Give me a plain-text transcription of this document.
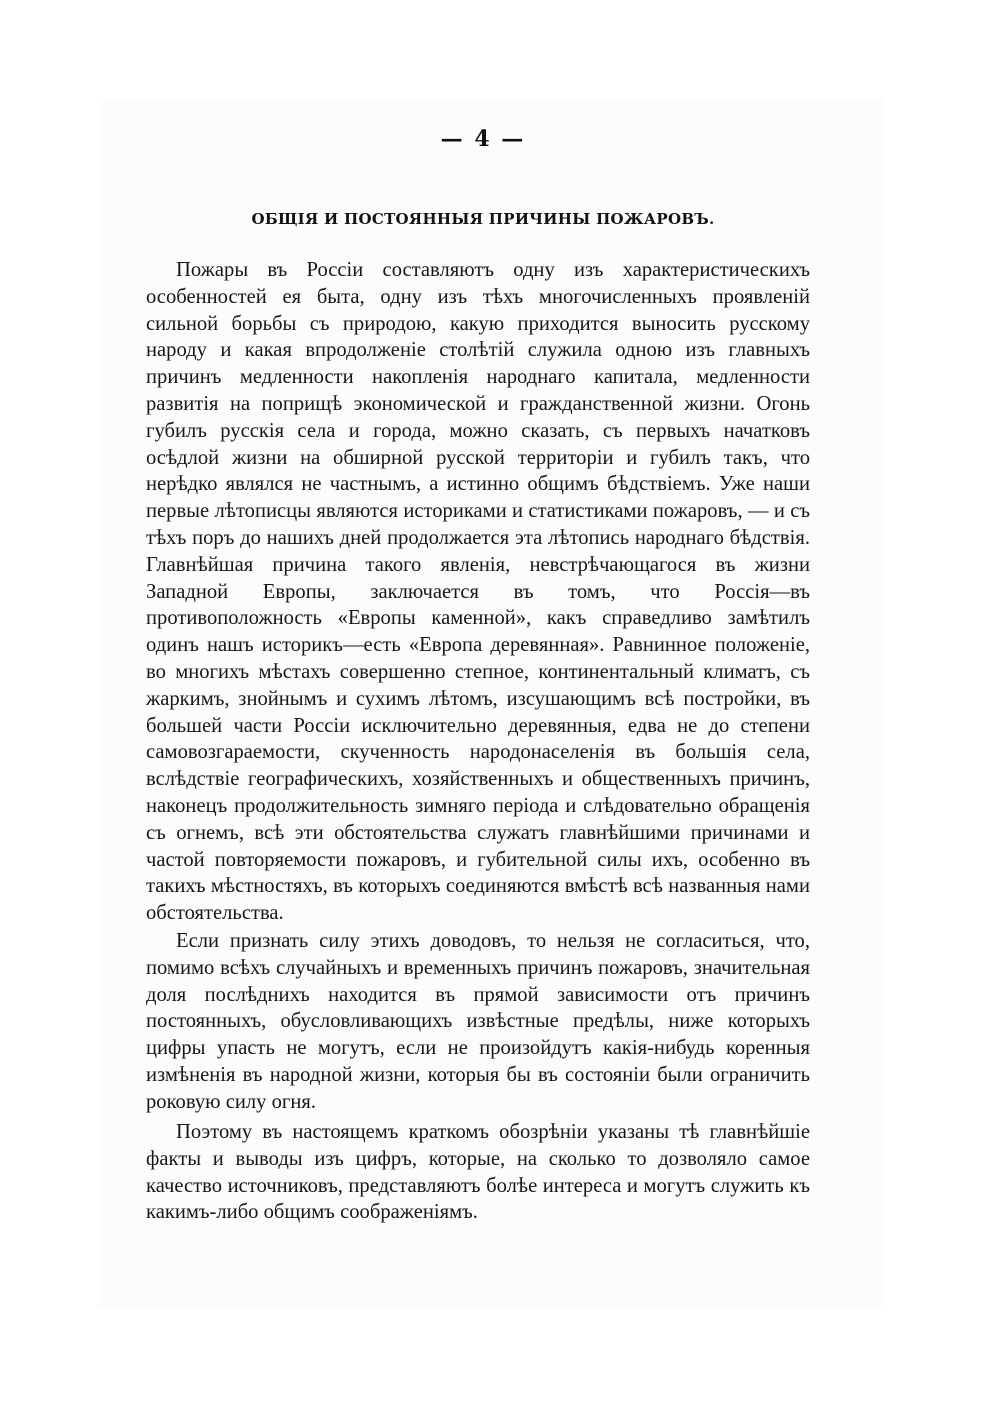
— 4 —
ОБЩІЯ И ПОСТОЯННЫЯ ПРИЧИНЫ ПОЖАРОВЪ.

Пожары въ Россіи составляютъ одну изъ характеристическихъ особенностей ея быта, одну изъ тѣхъ многочисленныхъ проявленій сильной борьбы съ природою, какую приходится выносить русскому народу и какая впродолженіе столѣтій служила одною изъ главныхъ причинъ медленности накопленія народнаго капитала, медленности развитія на поприщѣ экономической и гражданственной жизни. Огонь губилъ русскія села и города, можно сказать, съ первыхъ начатковъ осѣдлой жизни на обширной русской территоріи и губилъ такъ, что нерѣдко являлся не частнымъ, а истинно общимъ бѣдствіемъ. Уже наши первые лѣтописцы являются историками и статистиками пожаровъ, — и съ тѣхъ поръ до нашихъ дней продолжается эта лѣтопись народнаго бѣдствія. Главнѣйшая причина такого явленія, невстрѣчающагося въ жизни Западной Европы, заключается въ томъ, что Россія—въ противоположность «Европы каменной», какъ справедливо замѣтилъ одинъ нашъ историкъ—есть «Европа деревянная». Равнинное положеніе, во многихъ мѣстахъ совершенно степное, континентальный климатъ, съ жаркимъ, знойнымъ и сухимъ лѣтомъ, изсушающимъ всѣ постройки, въ большей части Россіи исключительно деревянныя, едва не до степени самовозгараемости, скученность народонаселенія въ большія села, вслѣдствіе географическихъ, хозяйственныхъ и общественныхъ причинъ, наконецъ продолжительность зимняго періода и слѣдовательно обращенія съ огнемъ, всѣ эти обстоятельства служатъ главнѣйшими причинами и частой повторяемости пожаровъ, и губительной силы ихъ, особенно въ такихъ мѣстностяхъ, въ которыхъ соединяются вмѣстѣ всѣ названныя нами обстоятельства.

Если признать силу этихъ доводовъ, то нельзя не согласиться, что, помимо всѣхъ случайныхъ и временныхъ причинъ пожаровъ, значительная доля послѣднихъ находится въ прямой зависимости отъ причинъ постоянныхъ, обусловливающихъ извѣстные предѣлы, ниже которыхъ цифры упасть не могутъ, если не произойдутъ какія-нибудь коренныя измѣненія въ народной жизни, которыя бы въ состояніи были ограничить роковую силу огня.

Поэтому въ настоящемъ краткомъ обозрѣніи указаны тѣ главнѣйшіе факты и выводы изъ цифръ, которые, на сколько то дозволяло самое качество источниковъ, представляютъ болѣе интереса и могутъ служить къ какимъ-либо общимъ соображеніямъ.
